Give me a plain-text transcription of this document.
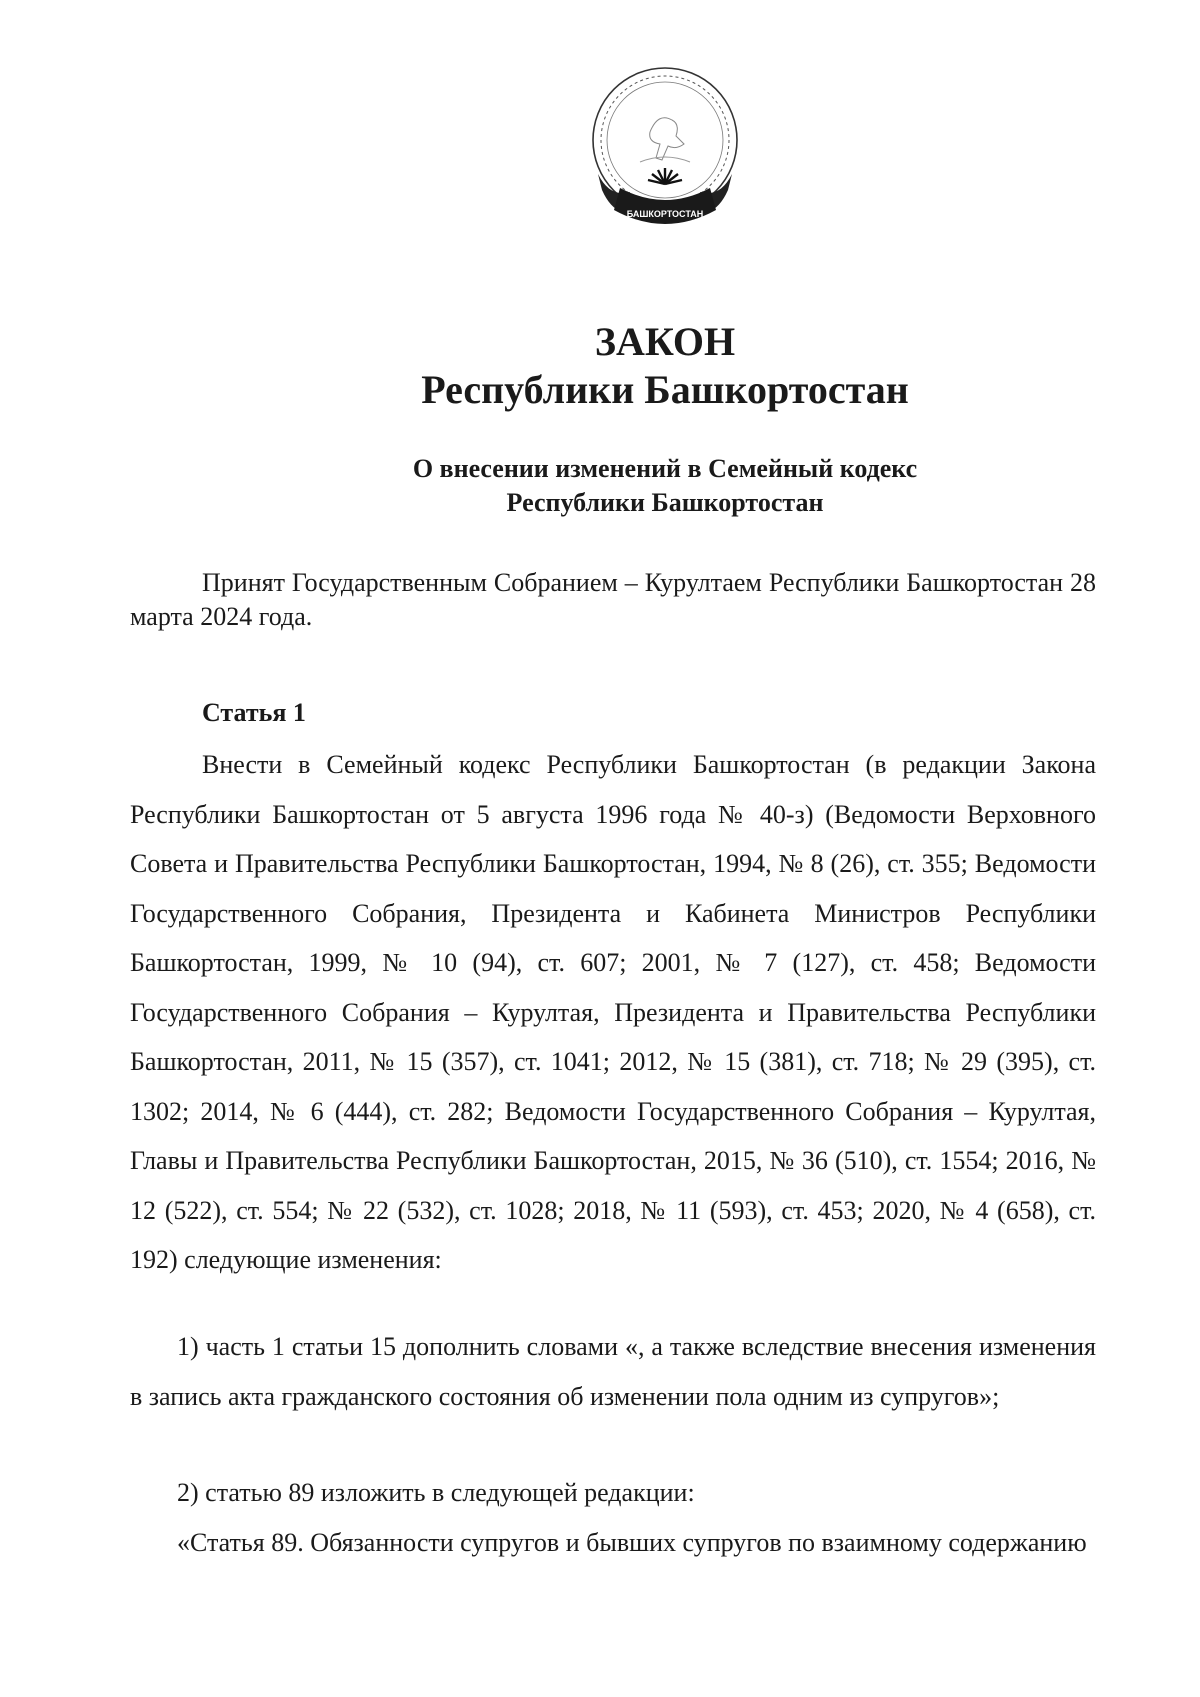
БАШКОРТОСТАН
ЗАКОН
Республики Башкортостан
О внесении изменений в Семейный кодекс
Республики Башкортостан

Принят Государственным Собранием – Курултаем Республики Башкортостан 28 марта 2024 года.

Статья 1

Внести в Семейный кодекс Республики Башкортостан (в редакции Закона Республики Башкортостан от 5 августа 1996 года № 40-з) (Ведомости Верховного Совета и Правительства Республики Башкортостан, 1994, № 8 (26), ст. 355; Ведомости Государственного Собрания, Президента и Кабинета Министров Республики Башкортостан, 1999, № 10 (94), ст. 607; 2001, № 7 (127), ст. 458; Ведомости Государственного Собрания – Курултая, Президента и Правительства Республики Башкортостан, 2011, № 15 (357), ст. 1041; 2012, № 15 (381), ст. 718; № 29 (395), ст. 1302; 2014, № 6 (444), ст. 282; Ведомости Государственного Собрания – Курултая, Главы и Правительства Республики Башкортостан, 2015, № 36 (510), ст. 1554; 2016, № 12 (522), ст. 554; № 22 (532), ст. 1028; 2018, № 11 (593), ст. 453; 2020, № 4 (658), ст. 192) следующие изменения:

1) часть 1 статьи 15 дополнить словами «, а также вследствие внесения изменения в запись акта гражданского состояния об изменении пола одним из супругов»;

2) статью 89 изложить в следующей редакции:

«Статья 89. Обязанности супругов и бывших супругов по взаимному содержанию
